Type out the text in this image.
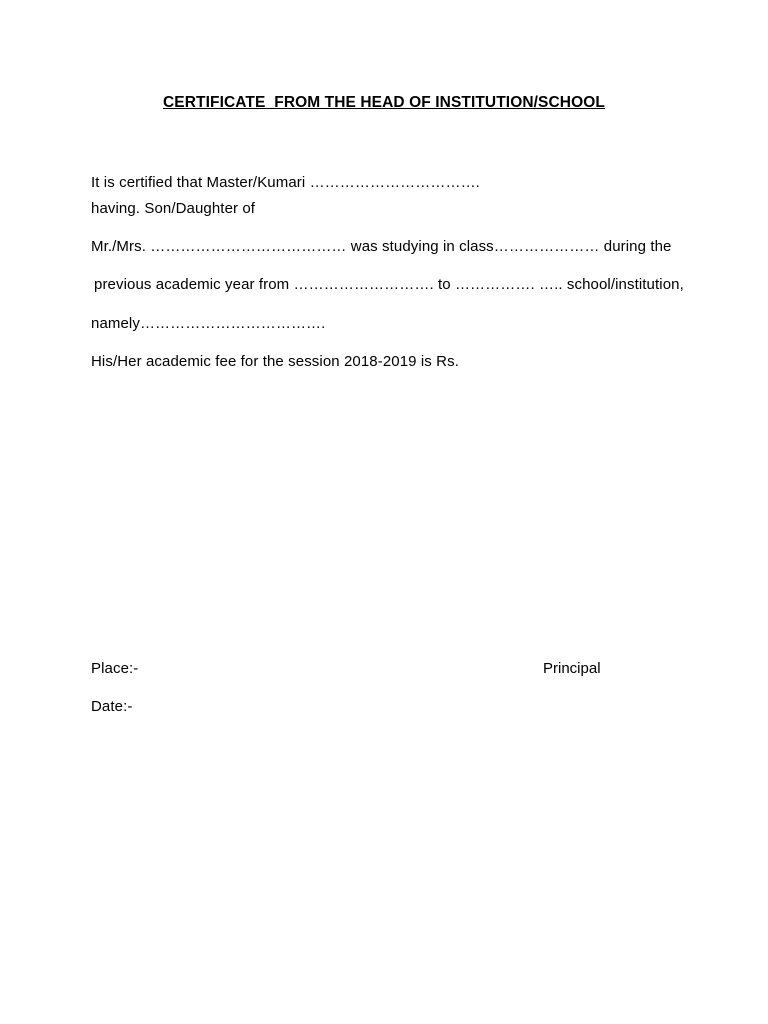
CERTIFICATE  FROM THE HEAD OF INSTITUTION/SCHOOL
It is certified that Master/Kumari …………………………….
having. Son/Daughter of
Mr./Mrs. ………………………………… was studying in class………………… during the
previous academic year from ………………………. to ……………. ….. school/institution,
namely……………………………….
His/Her academic fee for the session 2018-2019 is Rs.
Place:-
Date:-
Principal
